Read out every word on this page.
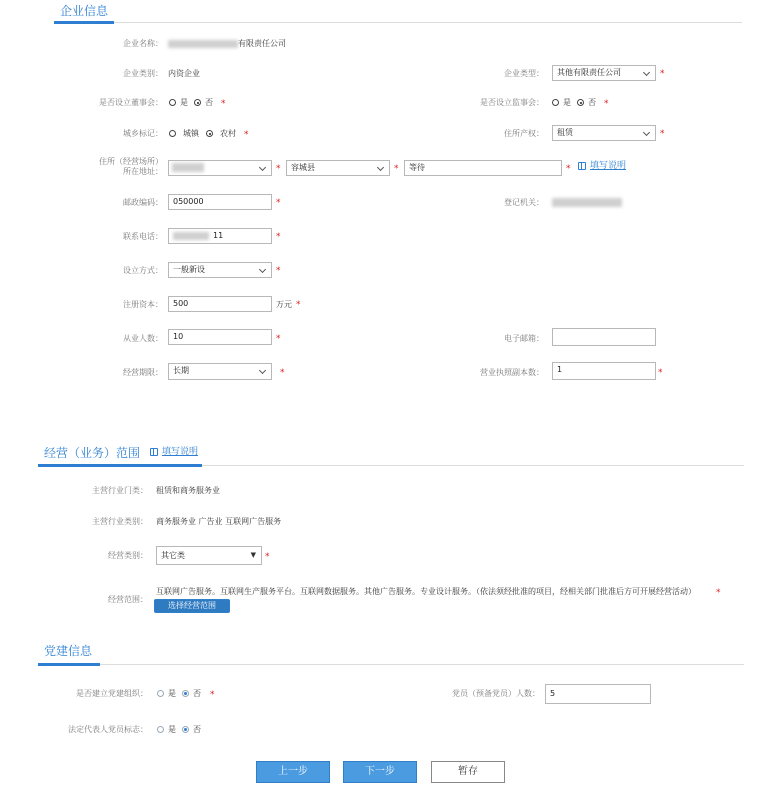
企业信息
企业名称：	有限责任公司
企业类别： 内资企业	企业类型：	其他有限责任公司	*
是否设立董事会： 是 否 *	是否设立监事会： 是 否 *
城乡标记：	城镇	农村 *	住所产权：	租赁	*
住所（经营场所）
所在地址：	*	容城县	*	等待	* 填写说明
邮政编码：	050000	*	登记机关：
联系电话：	11	*
设立方式：	一般新设	*
注册资本：	500	万元 *
从业人数：	10	*	电子邮箱：
经营期限：	长期	*	营业执照副本数：	1	*
经营（业务）范围 填写说明
主营行业门类： 租赁和商务服务业
主营行业类别： 商务服务业 广告业 互联网广告服务
经营类别：	其它类	▼ *
经营范围：
互联网广告服务。互联网生产服务平台。互联网数据服务。其他广告服务。专业设计服务。（依法须经批准的项目，经相关部门批准后方可开展经营活动） *
选择经营范围
党建信息
是否建立党建组织：	是 否 *	党员（预备党员）人数：	5
法定代表人党员标志：	是 否
上一步	下一步	暂存
